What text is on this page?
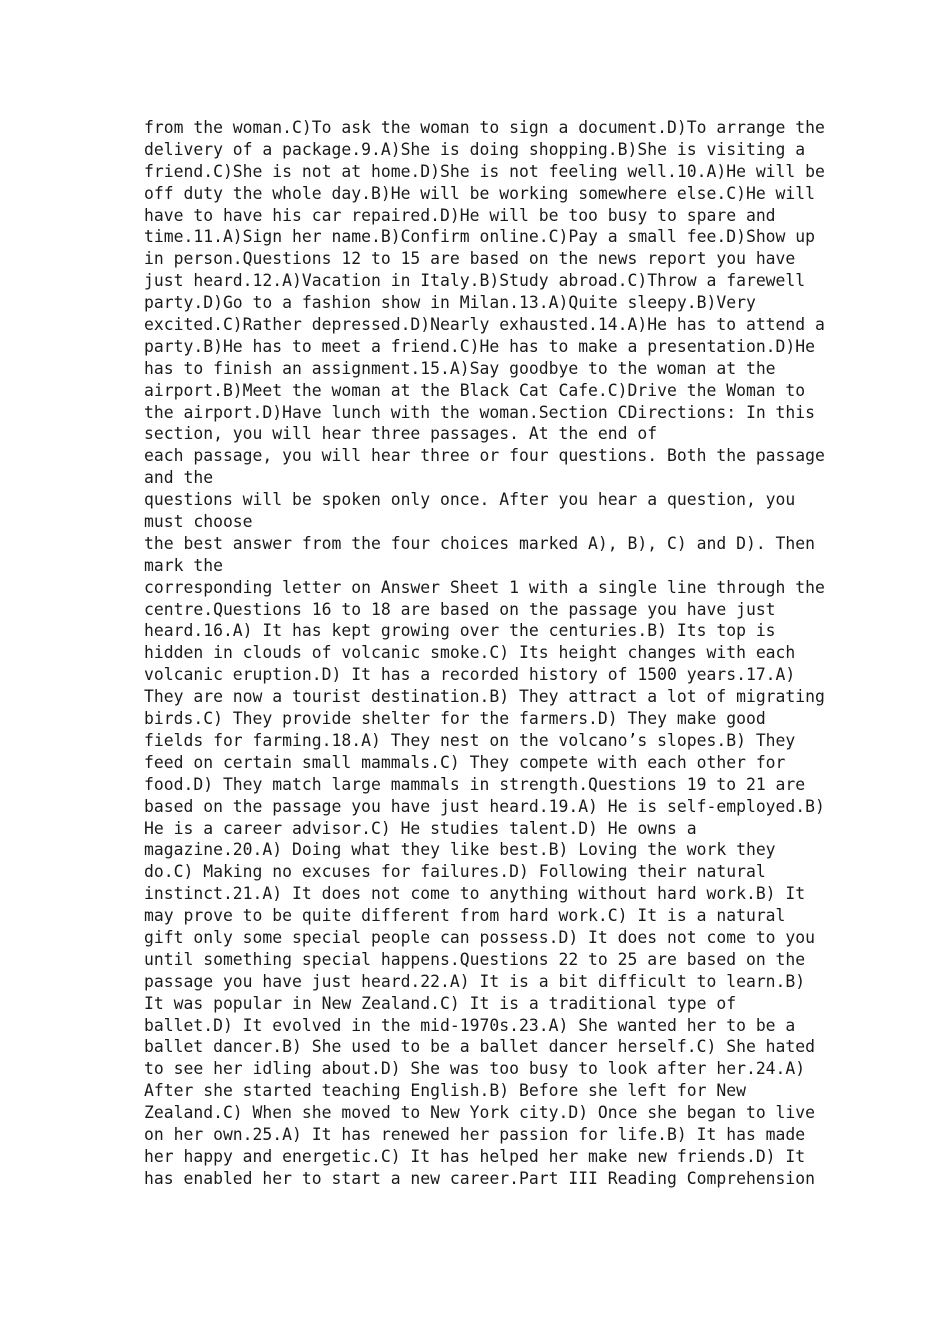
from the woman.C)To ask the woman to sign a document.D)To arrange the
delivery of a package.9.A)She is doing shopping.B)She is visiting a
friend.C)She is not at home.D)She is not feeling well.10.A)He will be
off duty the whole day.B)He will be working somewhere else.C)He will
have to have his car repaired.D)He will be too busy to spare and
time.11.A)Sign her name.B)Confirm online.C)Pay a small fee.D)Show up
in person.Questions 12 to 15 are based on the news report you have
just heard.12.A)Vacation in Italy.B)Study abroad.C)Throw a farewell
party.D)Go to a fashion show in Milan.13.A)Quite sleepy.B)Very
excited.C)Rather depressed.D)Nearly exhausted.14.A)He has to attend a
party.B)He has to meet a friend.C)He has to make a presentation.D)He
has to finish an assignment.15.A)Say goodbye to the woman at the
airport.B)Meet the woman at the Black Cat Cafe.C)Drive the Woman to
the airport.D)Have lunch with the woman.Section CDirections: In this
section, you will hear three passages. At the end of
each passage, you will hear three or four questions. Both the passage
and the
questions will be spoken only once. After you hear a question, you
must choose
the best answer from the four choices marked A), B), C) and D). Then
mark the
corresponding letter on Answer Sheet 1 with a single line through the
centre.Questions 16 to 18 are based on the passage you have just
heard.16.A) It has kept growing over the centuries.B) Its top is
hidden in clouds of volcanic smoke.C) Its height changes with each
volcanic eruption.D) It has a recorded history of 1500 years.17.A)
They are now a tourist destination.B) They attract a lot of migrating
birds.C) They provide shelter for the farmers.D) They make good
fields for farming.18.A) They nest on the volcano’s slopes.B) They
feed on certain small mammals.C) They compete with each other for
food.D) They match large mammals in strength.Questions 19 to 21 are
based on the passage you have just heard.19.A) He is self-employed.B)
He is a career advisor.C) He studies talent.D) He owns a
magazine.20.A) Doing what they like best.B) Loving the work they
do.C) Making no excuses for failures.D) Following their natural
instinct.21.A) It does not come to anything without hard work.B) It
may prove to be quite different from hard work.C) It is a natural
gift only some special people can possess.D) It does not come to you
until something special happens.Questions 22 to 25 are based on the
passage you have just heard.22.A) It is a bit difficult to learn.B)
It was popular in New Zealand.C) It is a traditional type of
ballet.D) It evolved in the mid-1970s.23.A) She wanted her to be a
ballet dancer.B) She used to be a ballet dancer herself.C) She hated
to see her idling about.D) She was too busy to look after her.24.A)
After she started teaching English.B) Before she left for New
Zealand.C) When she moved to New York city.D) Once she began to live
on her own.25.A) It has renewed her passion for life.B) It has made
her happy and energetic.C) It has helped her make new friends.D) It
has enabled her to start a new career.Part III Reading Comprehension
